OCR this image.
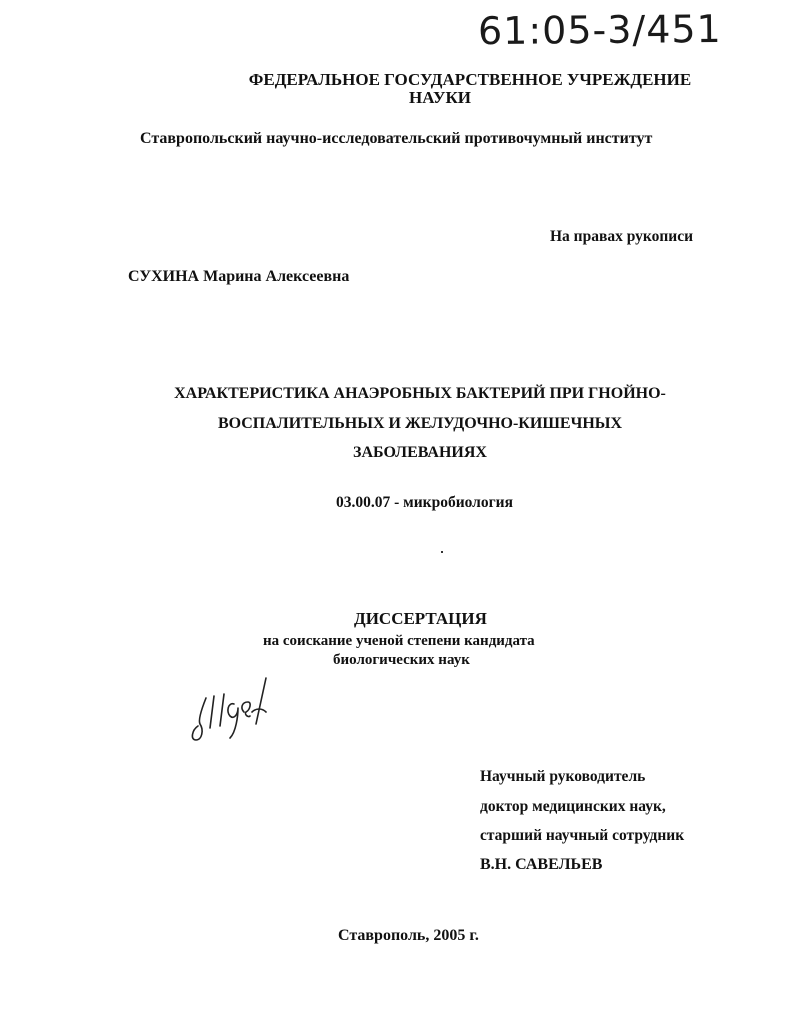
61:05-3/451
ФЕДЕРАЛЬНОЕ ГОСУДАРСТВЕННОЕ УЧРЕЖДЕНИЕ
НАУКИ
Ставропольский научно-исследовательский противочумный институт
На правах рукописи
СУХИНА Марина Алексеевна
ХАРАКТЕРИСТИКА АНАЭРОБНЫХ БАКТЕРИЙ ПРИ ГНОЙНО-
ВОСПАЛИТЕЛЬНЫХ И ЖЕЛУДОЧНО-КИШЕЧНЫХ
ЗАБОЛЕВАНИЯХ
03.00.07 - микробиология
ДИССЕРТАЦИЯ
на соискание ученой степени кандидата
биологических наук
Научный руководитель
доктор медицинских наук,
старший научный сотрудник
В.Н. САВЕЛЬЕВ
Ставрополь, 2005 г.
